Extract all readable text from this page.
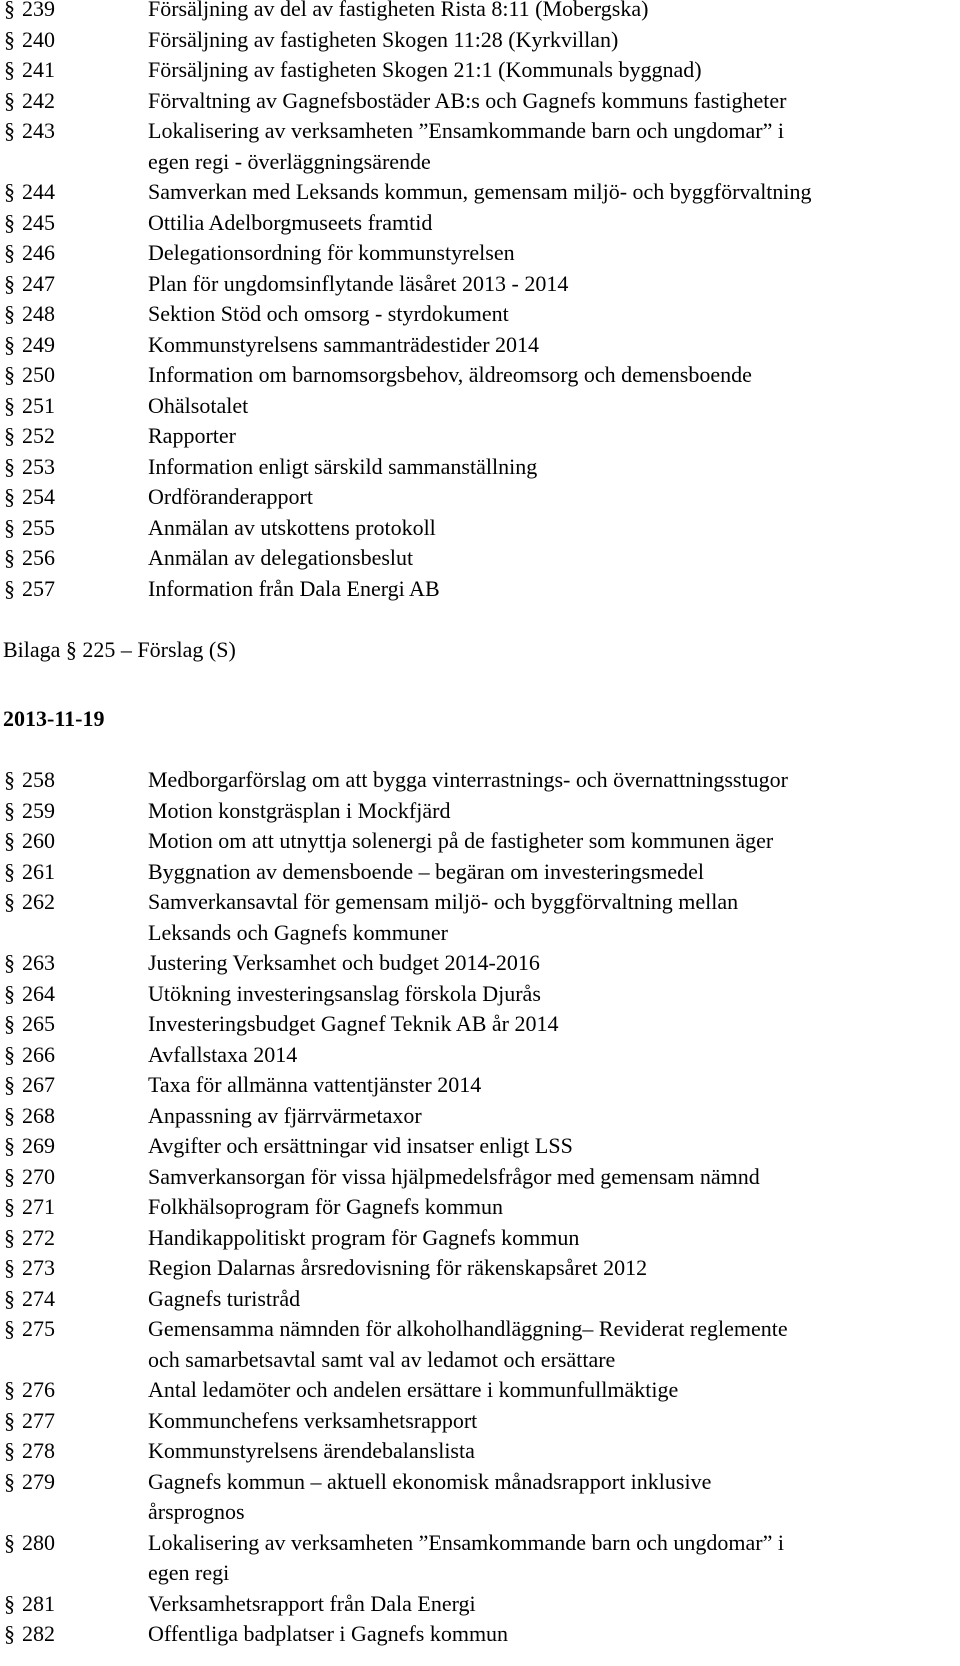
§ 239	Försäljning av del av fastigheten Rista 8:11 (Mobergska)
§ 240	Försäljning av fastigheten Skogen 11:28 (Kyrkvillan)
§ 241	Försäljning av fastigheten Skogen 21:1 (Kommunals byggnad)
§ 242	Förvaltning av Gagnefsbostäder AB:s och Gagnefs kommuns fastigheter
§ 243	Lokalisering av verksamheten ”Ensamkommande barn och ungdomar” i
egen regi - överläggningsärende
§ 244	Samverkan med Leksands kommun, gemensam miljö- och byggförvaltning
§ 245	Ottilia Adelborgmuseets framtid
§ 246	Delegationsordning för kommunstyrelsen
§ 247	Plan för ungdomsinflytande läsåret 2013 - 2014
§ 248	Sektion Stöd och omsorg - styrdokument
§ 249	Kommunstyrelsens sammanträdestider 2014
§ 250	Information om barnomsorgsbehov, äldreomsorg och demensboende
§ 251	Ohälsotalet
§ 252	Rapporter
§ 253	Information enligt särskild sammanställning
§ 254	Ordföranderapport
§ 255	Anmälan av utskottens protokoll
§ 256	Anmälan av delegationsbeslut
§ 257	Information från Dala Energi AB
Bilaga § 225 – Förslag (S)
2013-11-19
§ 258	Medborgarförslag om att bygga vinterrastnings- och övernattningsstugor
§ 259	Motion konstgräsplan i Mockfjärd
§ 260	Motion om att utnyttja solenergi på de fastigheter som kommunen äger
§ 261	Byggnation av demensboende – begäran om investeringsmedel
§ 262	Samverkansavtal för gemensam miljö- och byggförvaltning mellan
Leksands och Gagnefs kommuner
§ 263	Justering Verksamhet och budget 2014-2016
§ 264	Utökning investeringsanslag förskola Djurås
§ 265	Investeringsbudget Gagnef Teknik AB år 2014
§ 266	Avfallstaxa 2014
§ 267	Taxa för allmänna vattentjänster 2014
§ 268	Anpassning av fjärrvärmetaxor
§ 269	Avgifter och ersättningar vid insatser enligt LSS
§ 270	Samverkansorgan för vissa hjälpmedelsfrågor med gemensam nämnd
§ 271	Folkhälsoprogram för Gagnefs kommun
§ 272	Handikappolitiskt program för Gagnefs kommun
§ 273	Region Dalarnas årsredovisning för räkenskapsåret 2012
§ 274	Gagnefs turistråd
§ 275	Gemensamma nämnden för alkoholhandläggning– Reviderat reglemente
och samarbetsavtal samt val av ledamot och ersättare
§ 276	Antal ledamöter och andelen ersättare i kommunfullmäktige
§ 277	Kommunchefens verksamhetsrapport
§ 278	Kommunstyrelsens ärendebalanslista
§ 279	Gagnefs kommun – aktuell ekonomisk månadsrapport inklusive
årsprognos
§ 280	Lokalisering av verksamheten ”Ensamkommande barn och ungdomar” i
egen regi
§ 281	Verksamhetsrapport från Dala Energi
§ 282	Offentliga badplatser i Gagnefs kommun
